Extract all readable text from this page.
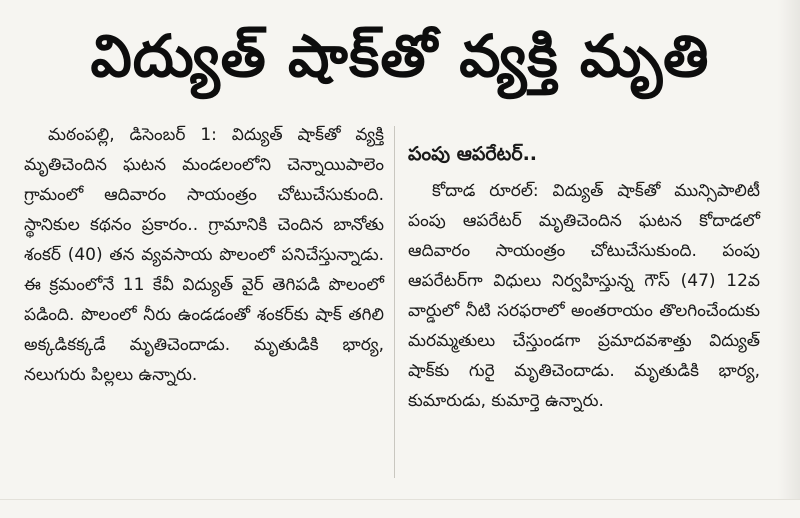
విద్యుత్ షాక్‌తో వ్యక్తి మృతి

మఠంపల్లి, డిసెంబర్ 1: విద్యుత్ షాక్‌తో వ్యక్తి మృతిచెందిన ఘటన మండలంలోని చెన్నాయిపాలెం గ్రామంలో ఆదివారం సాయంత్రం చోటుచేసుకుంది. స్థానికుల కథనం ప్రకారం.. గ్రామానికి చెందిన బానోతు శంకర్ (40) తన వ్యవసాయ పొలంలో పనిచేస్తున్నాడు. ఈ క్రమంలోనే 11 కేవీ విద్యుత్ వైర్ తెగిపడి పొలంలో పడింది. పొలంలో నీరు ఉండడంతో శంకర్‌కు షాక్ తగిలి అక్కడికక్కడే మృతిచెందాడు. మృతుడికి భార్య, నలుగురు పిల్లలు ఉన్నారు.

పంపు ఆపరేటర్..

కోదాడ రూరల్: విద్యుత్ షాక్‌తో మున్సిపాలిటీ పంపు ఆపరేటర్ మృతిచెందిన ఘటన కోదాడలో ఆదివారం సాయంత్రం చోటుచేసుకుంది. పంపు ఆపరేటర్‌గా విధులు నిర్వహిస్తున్న గౌస్ (47) 12వ వార్డులో నీటి సరఫరాలో అంతరాయం తొలగించేందుకు మరమ్మతులు చేస్తుండగా ప్రమాదవశాత్తు విద్యుత్ షాక్‌కు గురై మృతిచెందాడు. మృతుడికి భార్య, కుమారుడు, కుమార్తె ఉన్నారు.
